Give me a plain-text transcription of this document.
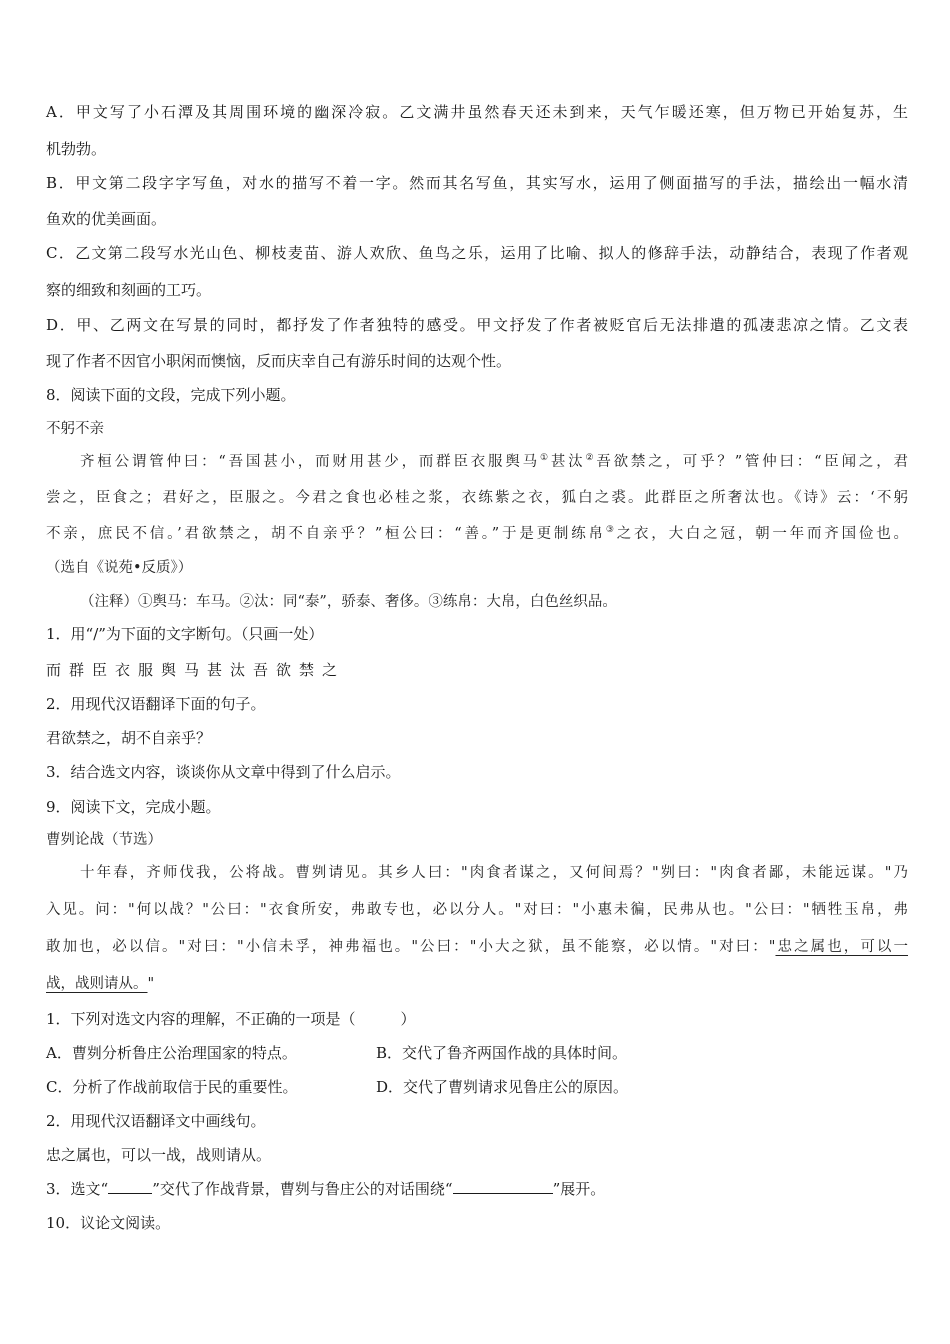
A．甲文写了小石潭及其周围环境的幽深冷寂。乙文满井虽然春天还未到来，天气乍暖还寒，但万物已开始复苏，生
机勃勃。
B．甲文第二段字字写鱼，对水的描写不着一字。然而其名写鱼，其实写水，运用了侧面描写的手法，描绘出一幅水清
鱼欢的优美画面。
C．乙文第二段写水光山色、柳枝麦苗、游人欢欣、鱼鸟之乐，运用了比喻、拟人的修辞手法，动静结合，表现了作者观
察的细致和刻画的工巧。
D．甲、乙两文在写景的同时，都抒发了作者独特的感受。甲文抒发了作者被贬官后无法排遣的孤凄悲凉之情。乙文表
现了作者不因官小职闲而懊恼，反而庆幸自己有游乐时间的达观个性。
8．阅读下面的文段，完成下列小题。
不躬不亲
齐桓公谓管仲曰：“吾国甚小，而财用甚少，而群臣衣服舆马①甚汰②吾欲禁之，可乎？”管仲曰：“臣闻之，君
尝之，臣食之；君好之，臣服之。今君之食也必桂之浆，衣练紫之衣，狐白之裘。此群臣之所奢汰也。《诗》云：‘不躬
不亲，庶民不信。’君欲禁之，胡不自亲乎？”桓公曰：“善。”于是更制练帛③之衣，大白之冠，朝一年而齐国俭也。
（选自《说苑•反质》）
（注释）①舆马：车马。②汰：同“泰”，骄泰、奢侈。③练帛：大帛，白色丝织品。
1．用“/”为下面的文字断句。（只画一处）
而群臣衣服舆马甚汰吾欲禁之
2．用现代汉语翻译下面的句子。
君欲禁之，胡不自亲乎？
3．结合选文内容，谈谈你从文章中得到了什么启示。
9．阅读下文，完成小题。
曹刿论战（节选）
十年春，齐师伐我，公将战。曹刿请见。其乡人曰："肉食者谋之，又何间焉？"刿曰："肉食者鄙，未能远谋。"乃
入见。问："何以战？"公曰："衣食所安，弗敢专也，必以分人。"对曰："小惠未徧，民弗从也。"公曰："牺牲玉帛，弗
敢加也，必以信。"对曰："小信未孚，神弗福也。"公曰："小大之狱，虽不能察，必以情。"对曰："忠之属也，可以一
战，战则请从。"
1．下列对选文内容的理解，不正确的一项是（　　　）
A．曹刿分析鲁庄公治理国家的特点。	B．交代了鲁齐两国作战的具体时间。
C．分析了作战前取信于民的重要性。	D．交代了曹刿请求见鲁庄公的原因。
2．用现代汉语翻译文中画线句。
忠之属也，可以一战，战则请从。
3．选文“	”交代了作战背景，曹刿与鲁庄公的对话围绕“	”展开。
10．议论文阅读。
